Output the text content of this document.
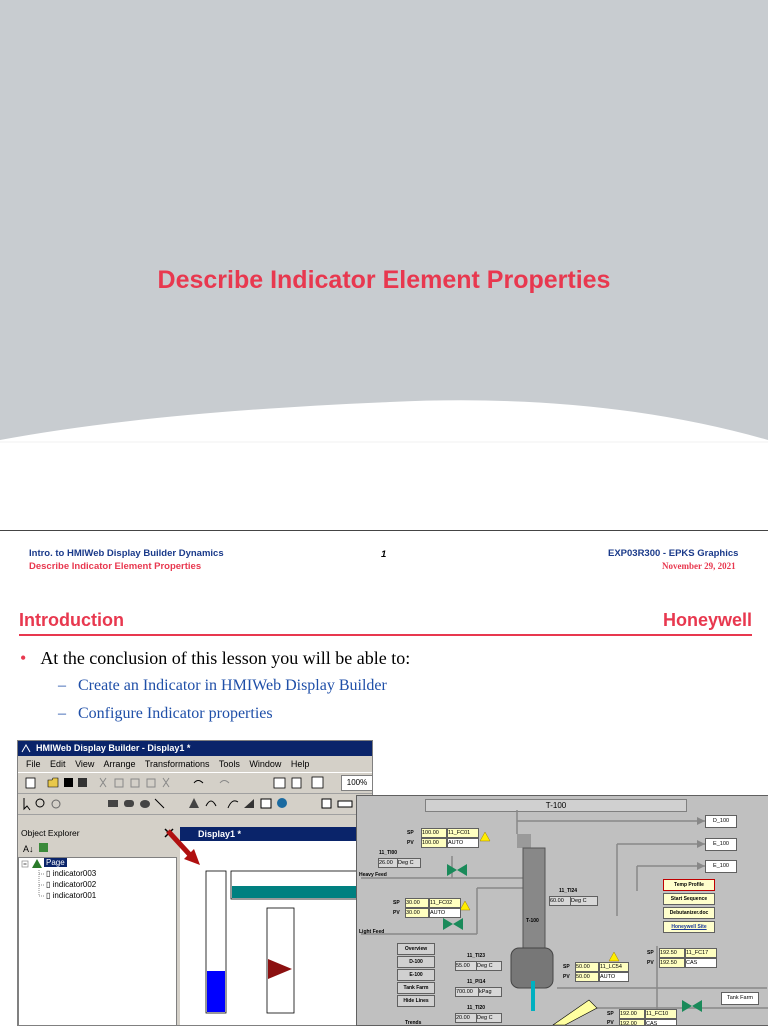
Describe Indicator Element Properties
Intro. to HMIWeb Display Builder Dynamics
Describe Indicator Element Properties
1	EXP03R300 - EPKS Graphics
November 29, 2021
Introduction	Honeywell
• At the conclusion of this lesson you will be able to:
– Create an Indicator in HMIWeb Display Builder
– Configure Indicator properties
HMIWeb Display Builder - Display1 *
File Edit View Arrange Transformations Tools Window Help
100%
Object Explorer
A↓
Page
▯ indicator003
▯ indicator002
▯ indicator001
Display1 *
T-100
D_100
E_100
E_100
SP
PV
100.00
100.00
11_FC01
AUTO
11_TI00
26.00 Deg C
Heavy Feed
SP
PV
30.00
30.00
11_FC02
AUTO
Light Feed
11_TI24
60.00	Deg C
T-100
Temp Profile
Start Sequence
Debutanizer.doc
Honeywell Site
Overview
D-100
E-100
Tank Farm
Hide Lines
Trends
11_TI23
55.00	Deg C
11_PI14
700.00	kPag
11_TI20
20.00	Deg C
SP
PV
50.00
50.00
11_LC54
AUTO
SP
PV
192.50
192.50
11_FC17
CAS
Tank Farm
SP
PV
192.00
192.00
11_FC10
CAS
